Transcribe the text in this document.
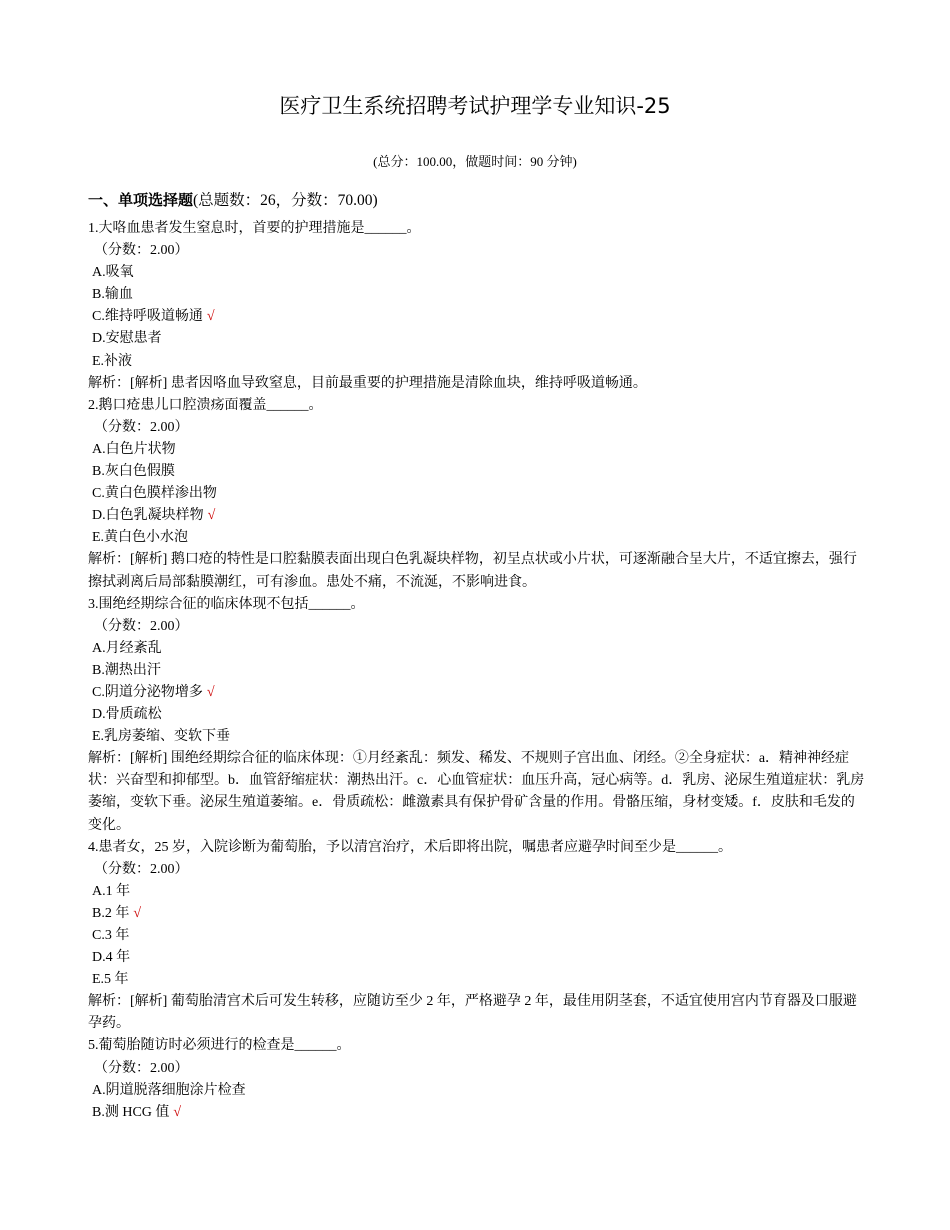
医疗卫生系统招聘考试护理学专业知识-25
(总分：100.00，做题时间：90 分钟)
一、单项选择题(总题数：26，分数：70.00)
1.大咯血患者发生窒息时，首要的护理措施是______。
（分数：2.00）
A.吸氧
B.输血
C.维持呼吸道畅通 √
D.安慰患者
E.补液
解析：[解析] 患者因咯血导致窒息，目前最重要的护理措施是清除血块，维持呼吸道畅通。
2.鹅口疮患儿口腔溃疡面覆盖______。
（分数：2.00）
A.白色片状物
B.灰白色假膜
C.黄白色膜样渗出物
D.白色乳凝块样物 √
E.黄白色小水泡
解析：[解析] 鹅口疮的特性是口腔黏膜表面出现白色乳凝块样物，初呈点状或小片状，可逐渐融合呈大片，不适宜擦去，强行擦拭剥离后局部黏膜潮红，可有渗血。患处不痛，不流涎，不影响进食。
3.围绝经期综合征的临床体现不包括______。
（分数：2.00）
A.月经紊乱
B.潮热出汗
C.阴道分泌物增多 √
D.骨质疏松
E.乳房萎缩、变软下垂
解析：[解析] 围绝经期综合征的临床体现：①月经紊乱：频发、稀发、不规则子宫出血、闭经。②全身症状：a．精神神经症状：兴奋型和抑郁型。b．血管舒缩症状：潮热出汗。c．心血管症状：血压升高，冠心病等。d．乳房、泌尿生殖道症状：乳房萎缩，变软下垂。泌尿生殖道萎缩。e．骨质疏松：雌激素具有保护骨矿含量的作用。骨骼压缩，身材变矮。f．皮肤和毛发的变化。
4.患者女，25 岁，入院诊断为葡萄胎，予以清宫治疗，术后即将出院，嘱患者应避孕时间至少是______。
（分数：2.00）
A.1 年
B.2 年 √
C.3 年
D.4 年
E.5 年
解析：[解析] 葡萄胎清宫术后可发生转移，应随访至少 2 年，严格避孕 2 年，最佳用阴茎套，不适宜使用宫内节育器及口服避孕药。
5.葡萄胎随访时必须进行的检查是______。
（分数：2.00）
A.阴道脱落细胞涂片检查
B.测 HCG 值 √
